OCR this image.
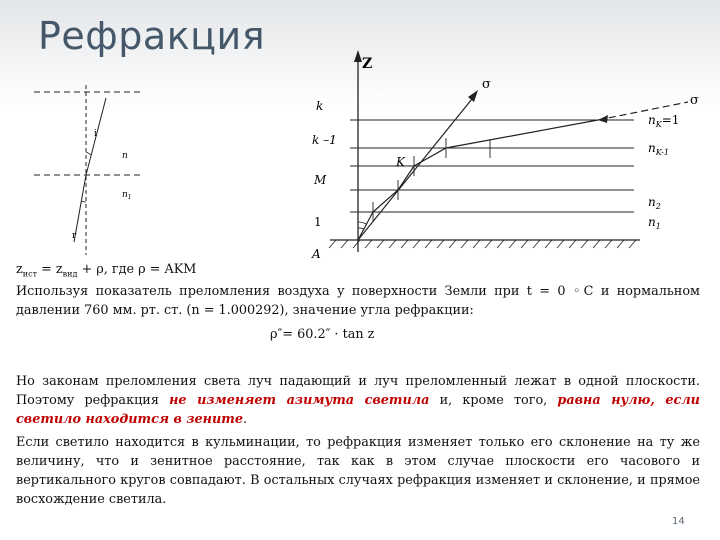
Рефракция
i
n
$n_1$
r
Z
σ
σ
k
k –1
K
M
1
A
$n_K=1$
$n_{K-1}$
$n_2$
$n_1$
$z_{ист} = z_{вид} + \rho$, где ρ = AKM
Используя показатель преломления воздуха у поверхности Земли при t = 0 ◦C и нормальном давлении 760 мм. рт. ст. (n = 1.000292), значение угла рефракции:
ρ″= 60.2″ · tan z
Но законам преломления света луч падающий и луч преломленный лежат в одной плоскости. Поэтому рефракция не изменяет азимута светила и, кроме того, равна нулю, если светило находится в зените.
Если светило находится в кульминации, то рефракция изменяет только его склонение на ту же величину, что и зенитное расстояние, так как в этом случае плоскости его часового и вертикального кругов совпадают. В остальных случаях рефракция изменяет и склонение, и прямое восхождение светила.
14
